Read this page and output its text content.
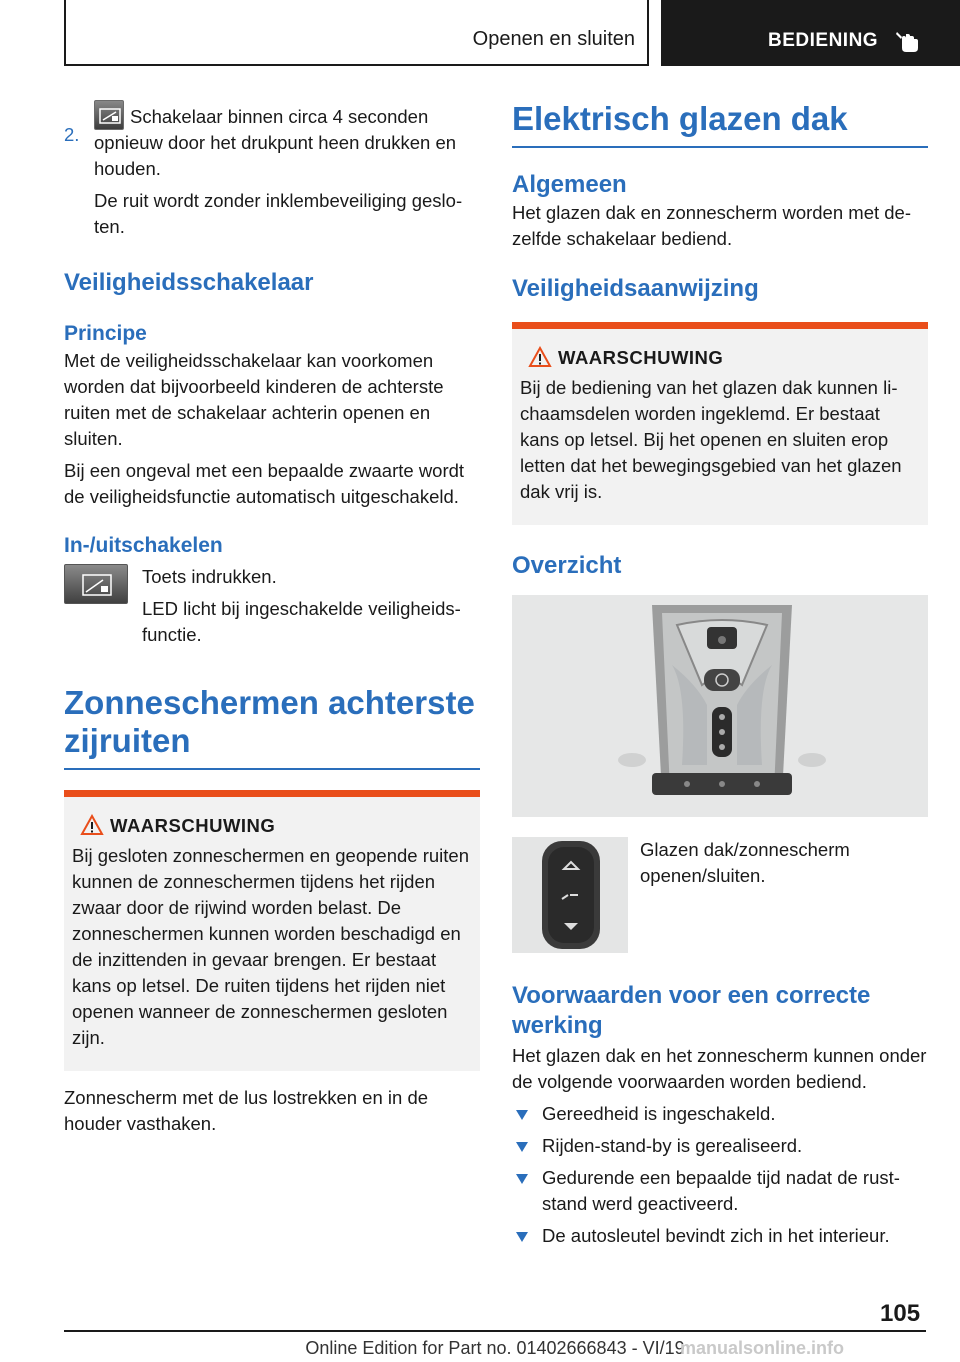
Openen en sluiten	BEDIENING
2.
Schakelaar binnen circa 4 seconden opnieuw door het drukpunt heen drukken en houden.
De ruit wordt zonder inklembeveiliging gesloten.
Veiligheidsschakelaar
Principe
Met de veiligheidsschakelaar kan voorkomen worden dat bijvoorbeeld kinderen de achterste ruiten met de schakelaar achterin openen en sluiten.
Bij een ongeval met een bepaalde zwaarte wordt de veiligheidsfunctie automatisch uitgeschakeld.
In-/uitschakelen
Toets indrukken.
LED licht bij ingeschakelde veiligheidsfunctie.
Zonneschermen achterste zijruiten
WAARSCHUWING
Bij gesloten zonneschermen en geopende ruiten kunnen de zonneschermen tijdens het rijden zwaar door de rijwind worden belast. De zonneschermen kunnen worden beschadigd en de inzittenden in gevaar brengen. Er bestaat kans op letsel. De ruiten tijdens het rijden niet openen wanneer de zonneschermen gesloten zijn.
Zonnescherm met de lus lostrekken en in de houder vasthaken.
Elektrisch glazen dak
Algemeen
Het glazen dak en zonnescherm worden met dezelfde schakelaar bediend.
Veiligheidsaanwijzing
WAARSCHUWING
Bij de bediening van het glazen dak kunnen lichaamsdelen worden ingeklemd. Er bestaat kans op letsel. Bij het openen en sluiten erop letten dat het bewegingsgebied van het glazen dak vrij is.
Overzicht
Glazen dak/zonnescherm openen/sluiten.
Voorwaarden voor een correcte werking
Het glazen dak en het zonnescherm kunnen onder de volgende voorwaarden worden bediend.
Gereedheid is ingeschakeld.
Rijden-stand-by is gerealiseerd.
Gedurende een bepaalde tijd nadat de ruststand werd geactiveerd.
De autosleutel bevindt zich in het interieur.
105
Online Edition for Part no. 01402666843 - VI/19
manualsonline.info
